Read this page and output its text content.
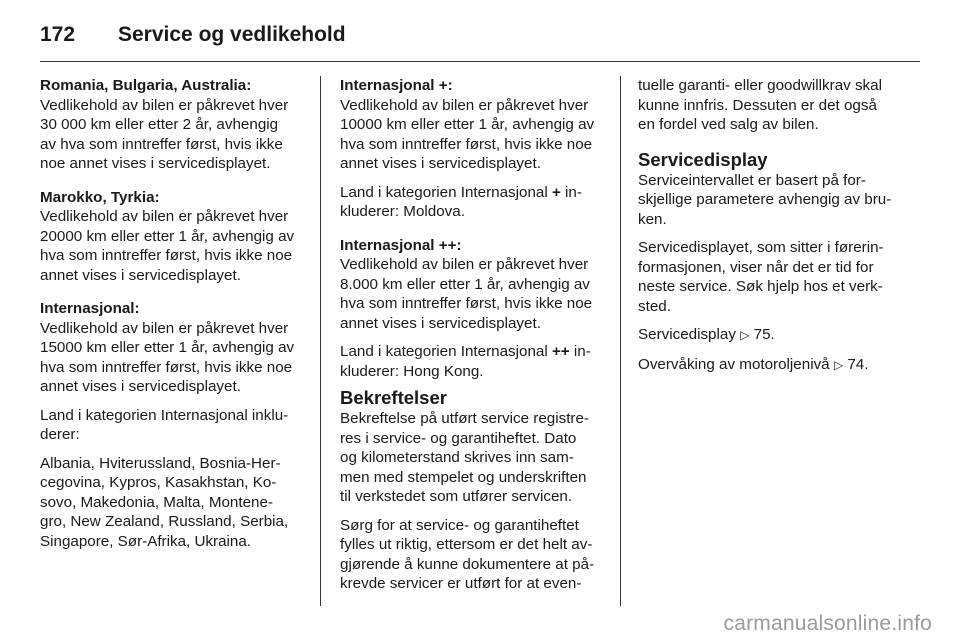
172	Service og vedlikehold
Romania, Bulgaria, Australia:
Vedlikehold av bilen er påkrevet hver
30 000 km eller etter 2 år, avhengig
av hva som inntreffer først, hvis ikke
noe annet vises i servicedisplayet.
Marokko, Tyrkia:
Vedlikehold av bilen er påkrevet hver
20000 km eller etter 1 år, avhengig av
hva som inntreffer først, hvis ikke noe
annet vises i servicedisplayet.
Internasjonal:
Vedlikehold av bilen er påkrevet hver
15000 km eller etter 1 år, avhengig av
hva som inntreffer først, hvis ikke noe
annet vises i servicedisplayet.
Land i kategorien Internasjonal inklu-
derer:
Albania, Hviterussland, Bosnia-Her-
cegovina, Kypros, Kasakhstan, Ko-
sovo, Makedonia, Malta, Montene-
gro, New Zealand, Russland, Serbia,
Singapore, Sør-Afrika, Ukraina.
Internasjonal +:
Vedlikehold av bilen er påkrevet hver
10000 km eller etter 1 år, avhengig av
hva som inntreffer først, hvis ikke noe
annet vises i servicedisplayet.
Land i kategorien Internasjonal + in-
kluderer: Moldova.
Internasjonal ++:
Vedlikehold av bilen er påkrevet hver
8.000 km eller etter 1 år, avhengig av
hva som inntreffer først, hvis ikke noe
annet vises i servicedisplayet.
Land i kategorien Internasjonal ++ in-
kluderer: Hong Kong.
Bekreftelser
Bekreftelse på utført service registre-
res i service- og garantiheftet. Dato
og kilometerstand skrives inn sam-
men med stempelet og underskriften
til verkstedet som utfører servicen.
Sørg for at service- og garantiheftet
fylles ut riktig, ettersom er det helt av-
gjørende å kunne dokumentere at på-
krevde servicer er utført for at even-
tuelle garanti- eller goodwillkrav skal
kunne innfris. Dessuten er det også
en fordel ved salg av bilen.
Servicedisplay
Serviceintervallet er basert på for-
skjellige parametere avhengig av bru-
ken.
Servicedisplayet, som sitter i førerin-
formasjonen, viser når det er tid for
neste service. Søk hjelp hos et verk-
sted.
Servicedisplay ▷ 75.
Overvåking av motoroljenivå ▷ 74.
carmanualsonline.info
